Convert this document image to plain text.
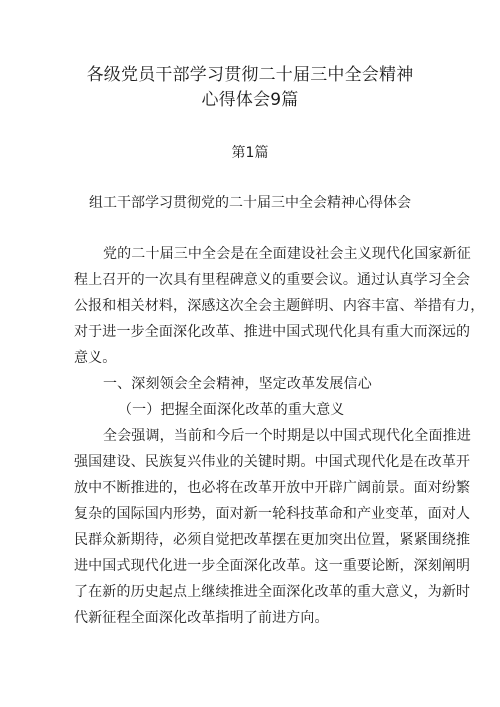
各级党员干部学习贯彻二十届三中全会精神
心得体会9篇
第1篇
组工干部学习贯彻党的二十届三中全会精神心得体会
党的二十届三中全会是在全面建设社会主义现代化国家新征
程上召开的一次具有里程碑意义的重要会议。通过认真学习全会
公报和相关材料，深感这次全会主题鲜明、内容丰富、举措有力，
对于进一步全面深化改革、推进中国式现代化具有重大而深远的
意义。
一、深刻领会全会精神，坚定改革发展信心
（一）把握全面深化改革的重大意义
全会强调，当前和今后一个时期是以中国式现代化全面推进
强国建设、民族复兴伟业的关键时期。中国式现代化是在改革开
放中不断推进的，也必将在改革开放中开辟广阔前景。面对纷繁
复杂的国际国内形势，面对新一轮科技革命和产业变革，面对人
民群众新期待，必须自觉把改革摆在更加突出位置，紧紧围绕推
进中国式现代化进一步全面深化改革。这一重要论断，深刻阐明
了在新的历史起点上继续推进全面深化改革的重大意义，为新时
代新征程全面深化改革指明了前进方向。
